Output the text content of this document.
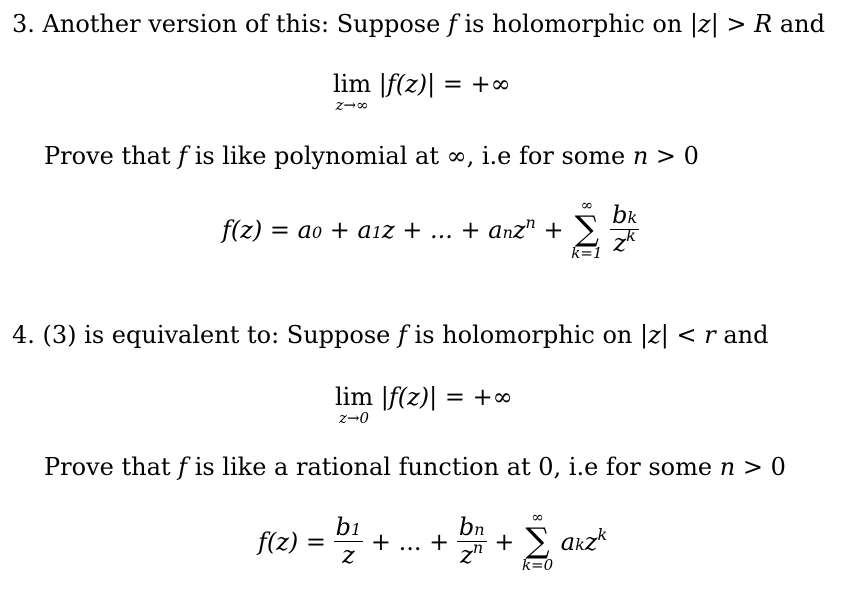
3. Another version of this: Suppose f is holomorphic on |z| > R and
lim
z→∞
|f(z)| = +∞
Prove that f is like polynomial at ∞, i.e for some n > 0
f(z) = a0 + a1z + ... + anz$^n$ +
∞
∑
k=1
$\frac{bk}{z^k}$
4. (3) is equivalent to: Suppose f is holomorphic on |z| < r and
lim
z→0
|f(z)| = +∞
Prove that f is like a rational function at 0, i.e for some n > 0
$f(z) = \frac{b1}{z}$ + ... + $\frac{bn}{z^n}$ +
∞
∑
k=0
akz$^k$
